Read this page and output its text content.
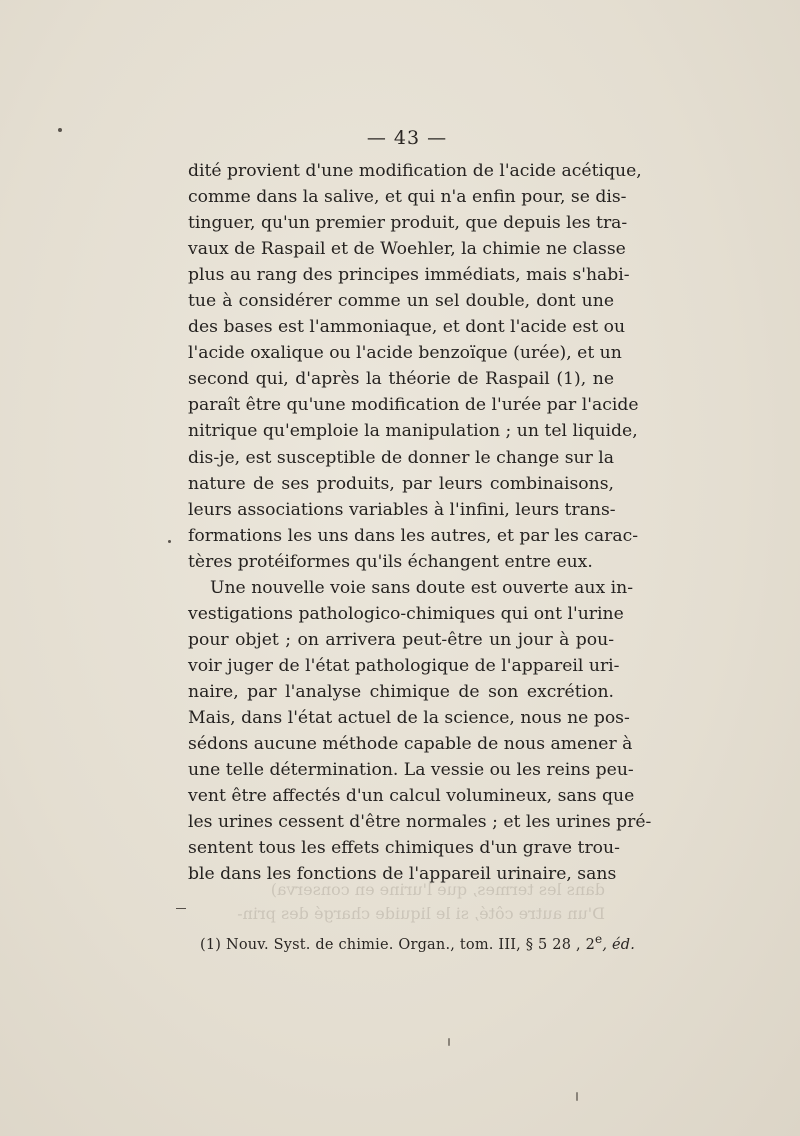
— 43 —
dité provient d'une modification de l'acide acétique,
comme dans la salive, et qui n'a enfin pour, se dis-
tinguer, qu'un premier produit, que depuis les tra-
vaux de Raspail et de Woehler, la chimie ne classe
plus au rang des principes immédiats, mais s'habi-
tue à considérer comme un sel double, dont une
des bases est l'ammoniaque, et dont l'acide est ou
l'acide oxalique ou l'acide benzoïque (urée), et un
second qui, d'après la théorie de Raspail (1), ne
paraît être qu'une modification de l'urée par l'acide
nitrique qu'emploie la manipulation ; un tel liquide,
dis-je, est susceptible de donner le change sur la
nature de ses produits, par leurs combinaisons,
leurs associations variables à l'infini, leurs trans-
formations les uns dans les autres, et par les carac-
tères protéiformes qu'ils échangent entre eux.
Une nouvelle voie sans doute est ouverte aux in-
vestigations pathologico-chimiques qui ont l'urine
pour objet ; on arrivera peut-être un jour à pou-
voir juger de l'état pathologique de l'appareil uri-
naire, par l'analyse chimique de son excrétion.
Mais, dans l'état actuel de la science, nous ne pos-
sédons aucune méthode capable de nous amener à
une telle détermination. La vessie ou les reins peu-
vent être affectés d'un calcul volumineux, sans que
les urines cessent d'être normales ; et les urines pré-
sentent tous les effets chimiques d'un grave trou-
ble dans les fonctions de l'appareil urinaire, sans
dans les termes, que l'urine en conserva)
D'un autre côté, si le liquide chargé des prin-
(1) Nouv. Syst. de chimie. Organ., tom. III, § 5 28 , 2e, éd.
